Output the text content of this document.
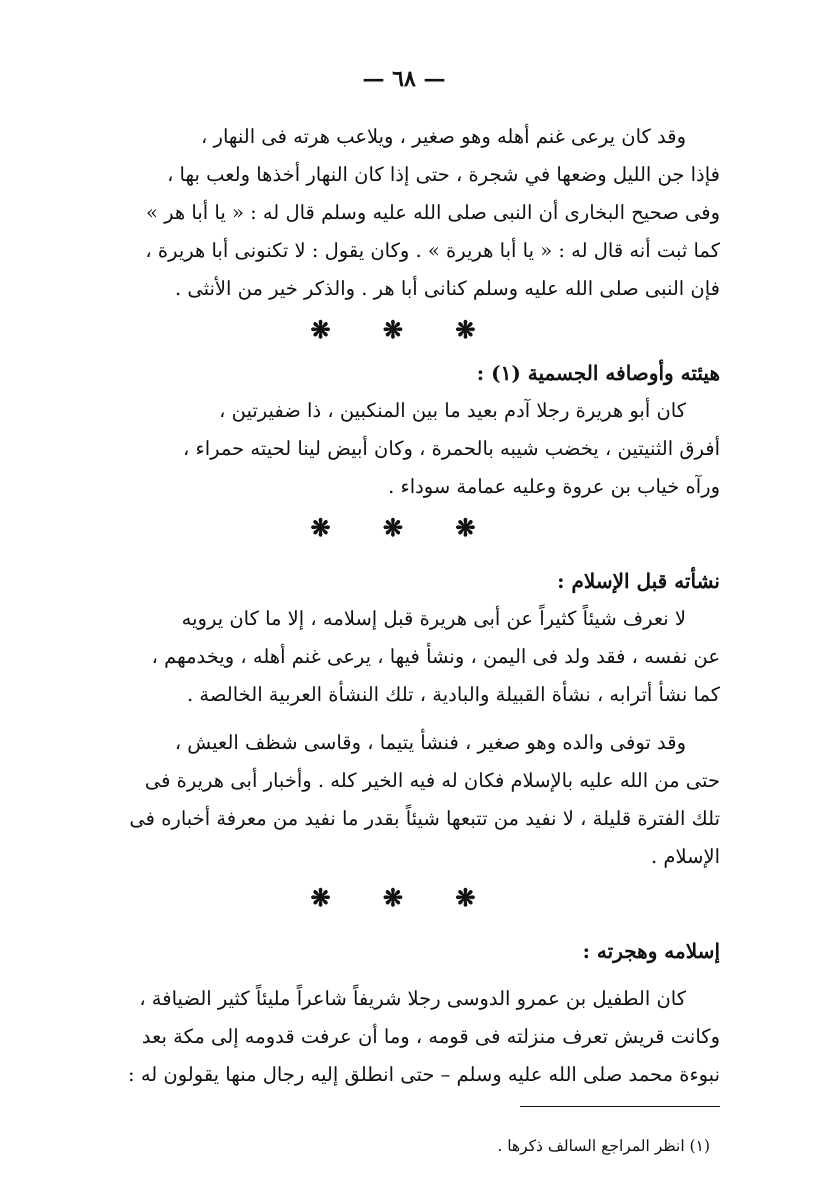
— ٦٨ —

وقد كان يرعى غنم أهله وهو صغير ، ويلاعب هرته فى النهار ،
فإذا جن الليل وضعها في شجرة ، حتى إذا كان النهار أخذها ولعب بها ،
وفى صحيح البخارى أن النبى صلى الله عليه وسلم قال له : « يا أبا هر »
كما ثبت أنه قال له : « يا أبا هريرة » . وكان يقول : لا تكنونى أبا هريرة ،
فإن النبى صلى الله عليه وسلم كنانى أبا هر . والذكر خير من الأنثى .

❋ ❋ ❋

هيئته وأوصافه الجسمية (١) :

كان أبو هريرة رجلا آدم بعيد ما بين المنكبين ، ذا ضفيرتين ،
أفرق الثنيتين ، يخضب شيبه بالحمرة ، وكان أبيض لينا لحيته حمراء ،
ورآه خياب بن عروة وعليه عمامة سوداء .

❋ ❋ ❋

نشأته قبل الإسلام :

لا نعرف شيئاً كثيراً عن أبى هريرة قبل إسلامه ، إلا ما كان يرويه
عن نفسه ، فقد ولد فى اليمن ، ونشأ فيها ، يرعى غنم أهله ، ويخدمهم ،
كما نشأ أترابه ، نشأة القبيلة والبادية ، تلك النشأة العربية الخالصة .

وقد توفى والده وهو صغير ، فنشأ يتيما ، وقاسى شظف العيش ،
حتى من الله عليه بالإسلام فكان له فيه الخير كله . وأخبار أبى هريرة فى
تلك الفترة قليلة ، لا نفيد من تتبعها شيئاً بقدر ما نفيد من معرفة أخباره فى
الإسلام .

❋ ❋ ❋

إسلامه وهجرته :

كان الطفيل بن عمرو الدوسى رجلا شريفاً شاعراً مليئاً كثير الضيافة ،
وكانت قريش تعرف منزلته فى قومه ، وما أن عرفت قدومه إلى مكة بعد
نبوءة محمد صلى الله عليه وسلم – حتى انطلق إليه رجال منها يقولون له :

(١) انظر المراجع السالف ذكرها .
